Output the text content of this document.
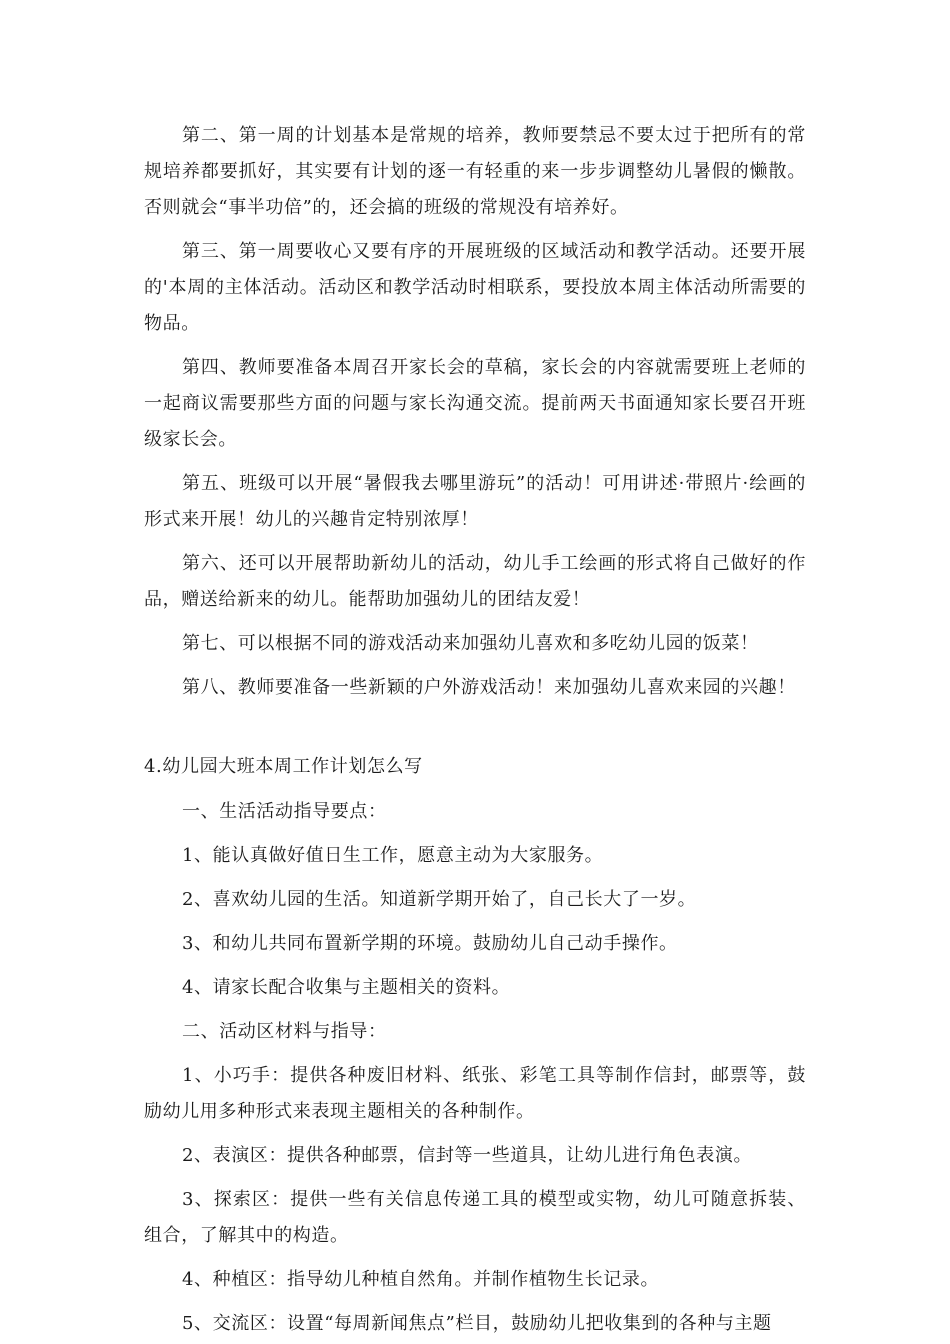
第二、第一周的计划基本是常规的培养，教师要禁忌不要太过于把所有的常规培养都要抓好，其实要有计划的逐一有轻重的来一步步调整幼儿暑假的懒散。否则就会“事半功倍”的，还会搞的班级的常规没有培养好。

第三、第一周要收心又要有序的开展班级的区域活动和教学活动。还要开展的'本周的主体活动。活动区和教学活动时相联系，要投放本周主体活动所需要的物品。

第四、教师要准备本周召开家长会的草稿，家长会的内容就需要班上老师的一起商议需要那些方面的问题与家长沟通交流。提前两天书面通知家长要召开班级家长会。

第五、班级可以开展“暑假我去哪里游玩”的活动！可用讲述·带照片·绘画的形式来开展！幼儿的兴趣肯定特别浓厚！

第六、还可以开展帮助新幼儿的活动，幼儿手工绘画的形式将自己做好的作品，赠送给新来的幼儿。能帮助加强幼儿的团结友爱！

第七、可以根据不同的游戏活动来加强幼儿喜欢和多吃幼儿园的饭菜！

第八、教师要准备一些新颖的户外游戏活动！来加强幼儿喜欢来园的兴趣！

4.幼儿园大班本周工作计划怎么写

一、生活活动指导要点：

1、能认真做好值日生工作，愿意主动为大家服务。

2、喜欢幼儿园的生活。知道新学期开始了，自己长大了一岁。

3、和幼儿共同布置新学期的环境。鼓励幼儿自己动手操作。

4、请家长配合收集与主题相关的资料。

二、活动区材料与指导：

1、小巧手：提供各种废旧材料、纸张、彩笔工具等制作信封，邮票等，鼓励幼儿用多种形式来表现主题相关的各种制作。

2、表演区：提供各种邮票，信封等一些道具，让幼儿进行角色表演。

3、探索区：提供一些有关信息传递工具的模型或实物，幼儿可随意拆装、组合，了解其中的构造。

4、种植区：指导幼儿种植自然角。并制作植物生长记录。

5、交流区：设置“每周新闻焦点”栏目，鼓励幼儿把收集到的各种与主题
